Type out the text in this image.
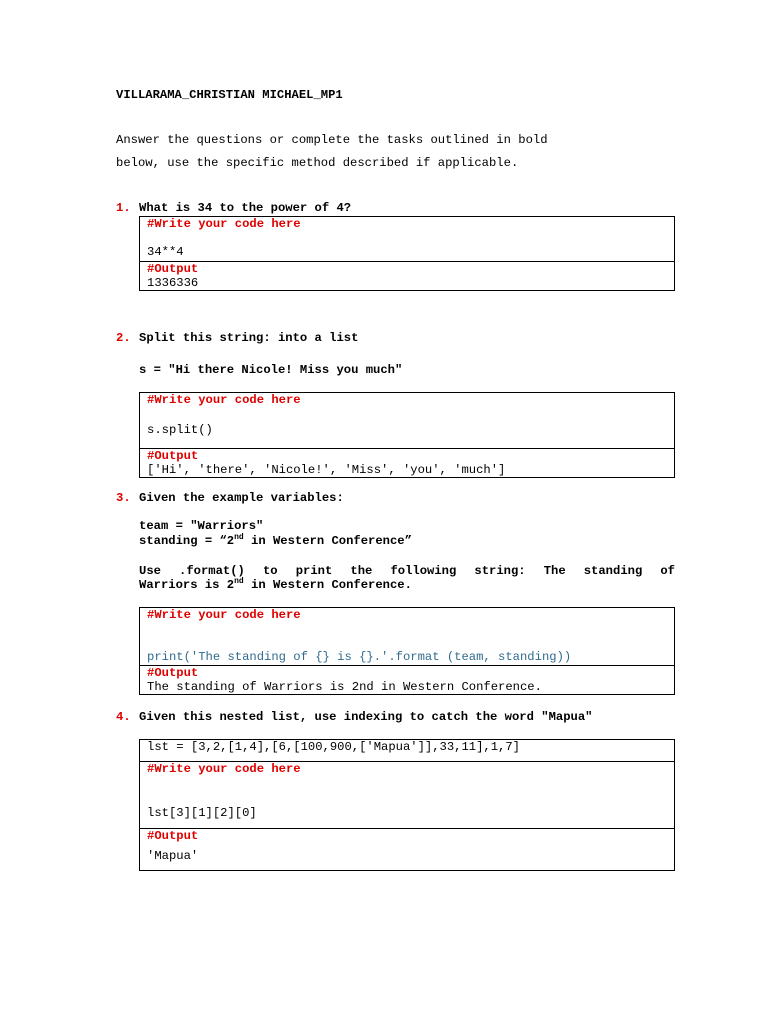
VILLARAMA_CHRISTIAN MICHAEL_MP1
Answer the questions or complete the tasks outlined in bold
below, use the specific method described if applicable.
1. What is 34 to the power of 4?
#Write your code here
34**4
#Output
1336336
2. Split this string: into a list
s = "Hi there Nicole! Miss you much"
#Write your code here
s.split()
#Output
['Hi', 'there', 'Nicole!', 'Miss', 'you', 'much']
3. Given the example variables:
team = "Warriors"
standing = “2nd in Western Conference”
Use .format() to print the following string: The standing of
Warriors is 2nd in Western Conference.
#Write your code here
print('The standing of {} is {}.'.format (team, standing))
#Output
The standing of Warriors is 2nd in Western Conference.
4. Given this nested list, use indexing to catch the word "Mapua"
lst = [3,2,[1,4],[6,[100,900,['Mapua']],33,11],1,7]
#Write your code here
lst[3][1][2][0]
#Output
'Mapua'
